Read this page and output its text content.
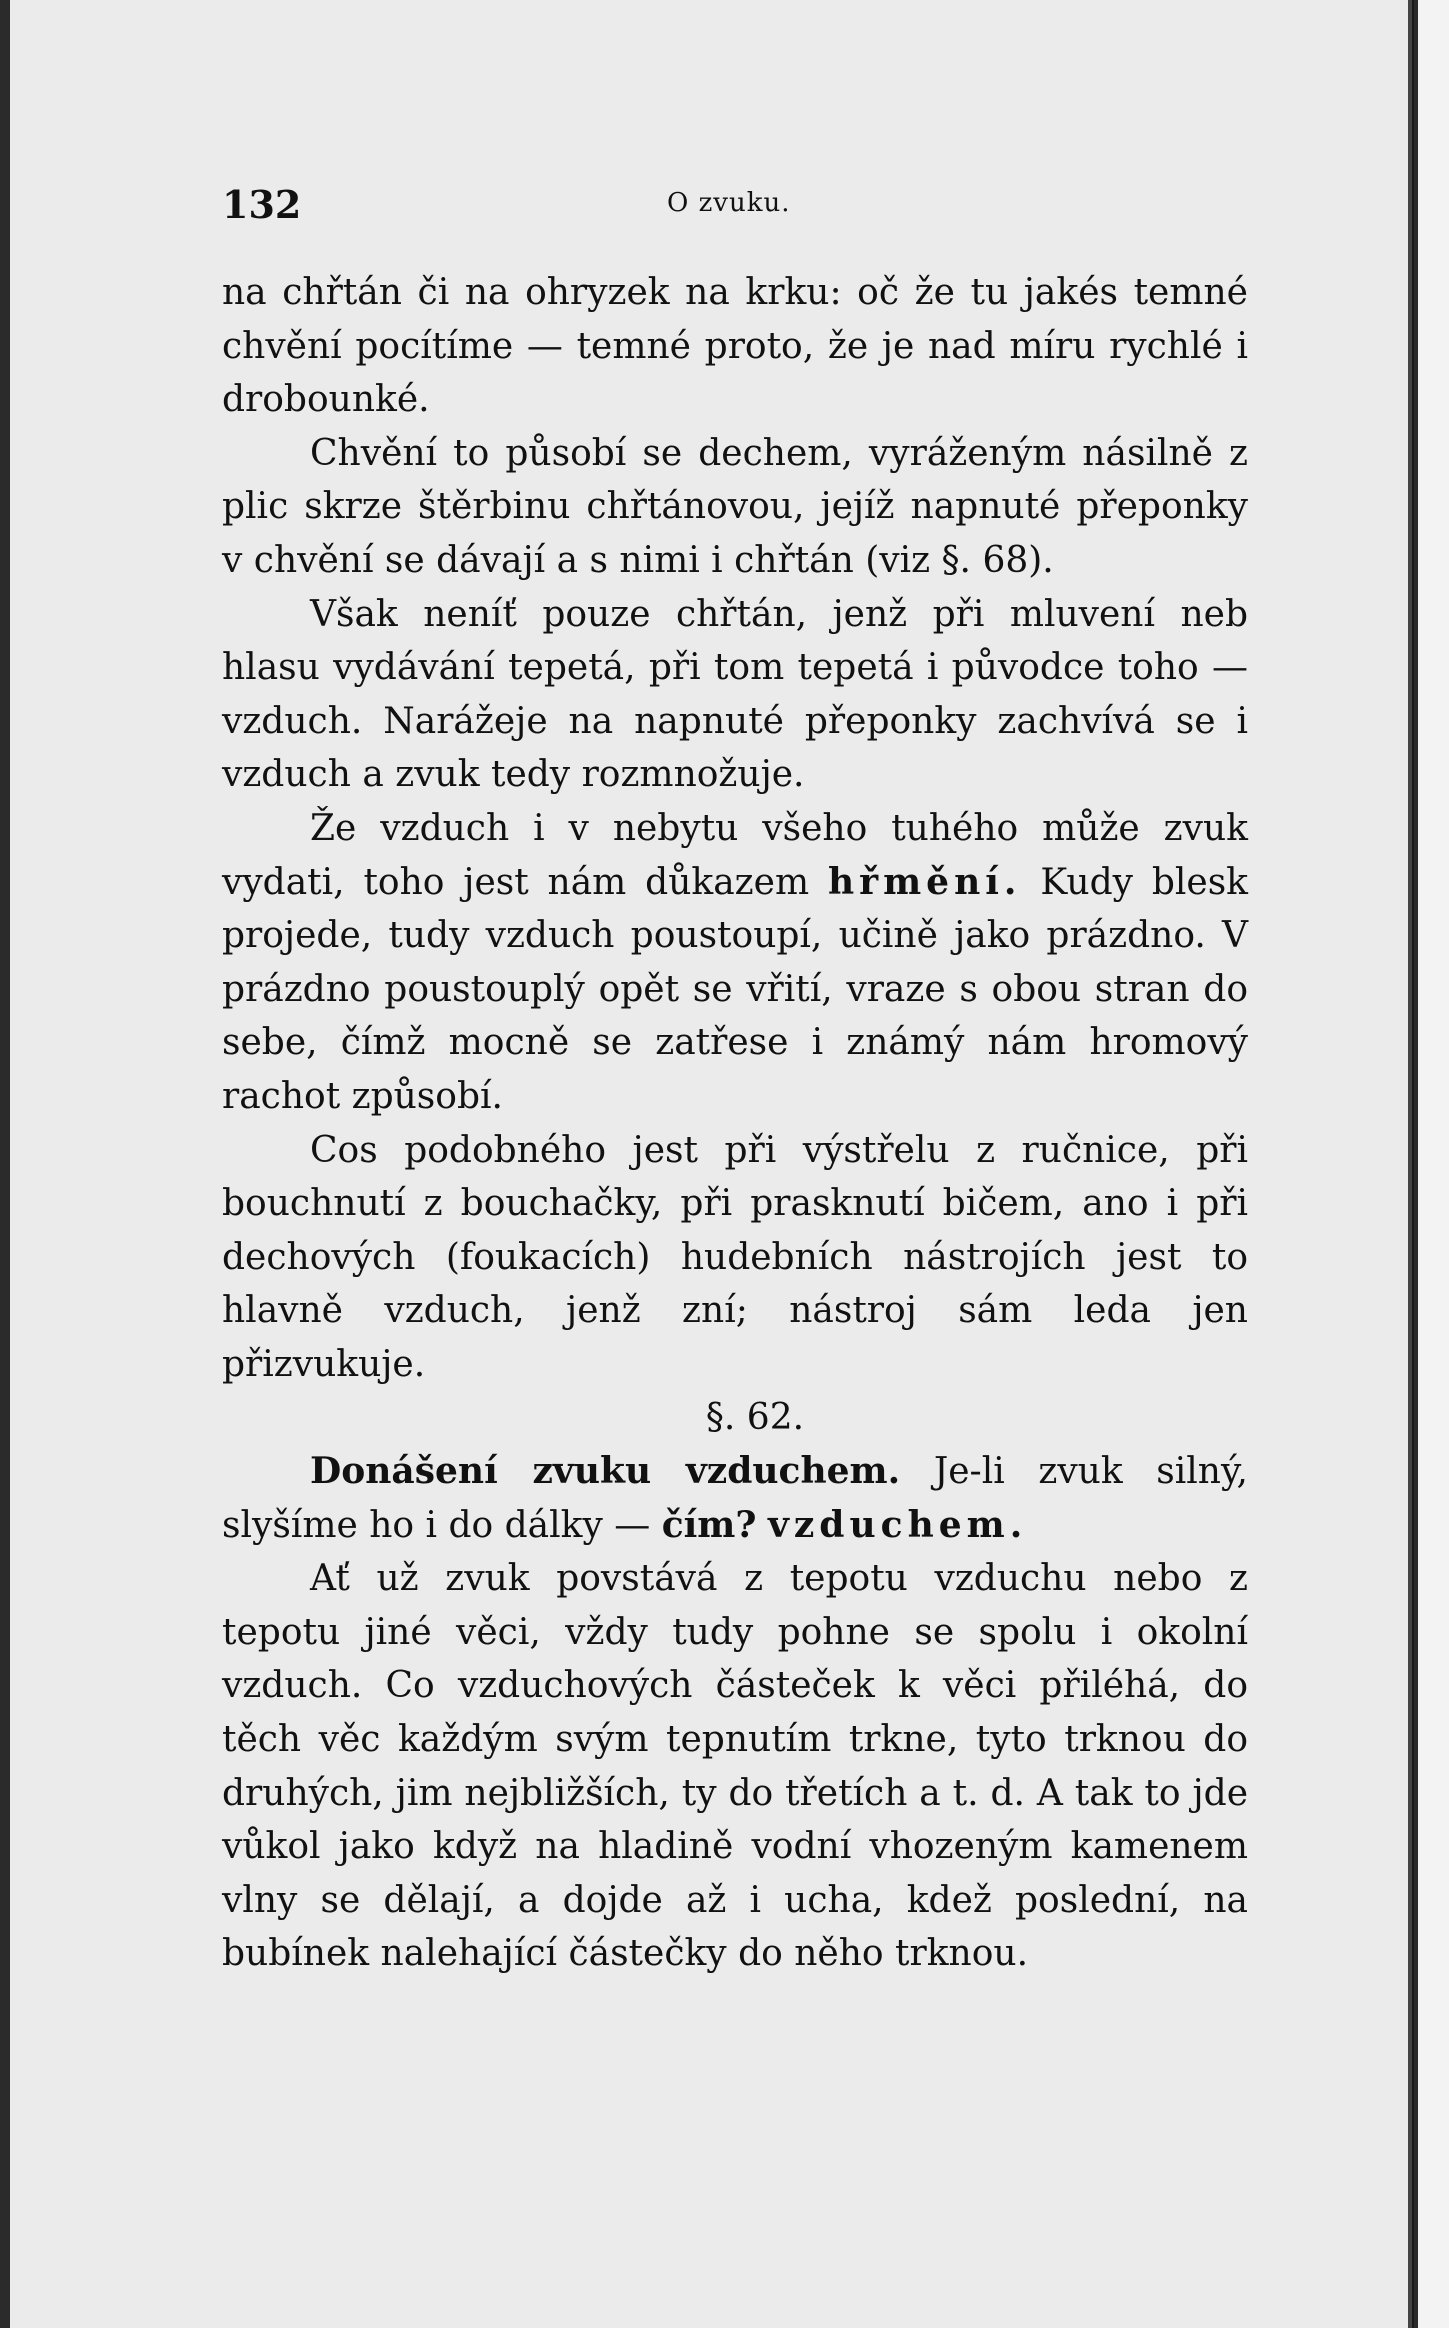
132	O zvuku.

na chřtán či na ohryzek na krku: oč že tu jakés temné chvění pocítíme — temné proto, že je nad míru rychlé i drobounké.

Chvění to působí se dechem, vyráženým násilně z plic skrze štěrbinu chřtánovou, jejíž napnuté přeponky v chvění se dávají a s nimi i chřtán (viz §. 68).

Však neníť pouze chřtán, jenž při mluvení neb hlasu vydávání tepetá, při tom tepetá i původce toho — vzduch. Narážeje na napnuté přeponky zachvívá se i vzduch a zvuk tedy rozmnožuje.

Že vzduch i v nebytu všeho tuhého může zvuk vydati, toho jest nám důkazem hřmění. Kudy blesk projede, tudy vzduch poustoupí, učině jako prázdno. V prázdno poustouplý opět se vřití, vraze s obou stran do sebe, čímž mocně se zatřese i známý nám hromový rachot způsobí.

Cos podobného jest při výstřelu z ručnice, při bouchnutí z bouchačky, při prasknutí bičem, ano i při dechových (foukacích) hudebních nástrojích jest to hlavně vzduch, jenž zní; nástroj sám leda jen přizvukuje.

§. 62.

Donášení zvuku vzduchem. Je-li zvuk silný, slyšíme ho i do dálky — čím? vzduchem.

Ať už zvuk povstává z tepotu vzduchu nebo z tepotu jiné věci, vždy tudy pohne se spolu i okolní vzduch. Co vzduchových částeček k věci přiléhá, do těch věc každým svým tepnutím trkne, tyto trknou do druhých, jim nejbližších, ty do třetích a t. d. A tak to jde vůkol jako když na hladině vodní vhozeným kamenem vlny se dělají, a dojde až i ucha, kdež poslední, na bubínek nalehající částečky do něho trknou.
